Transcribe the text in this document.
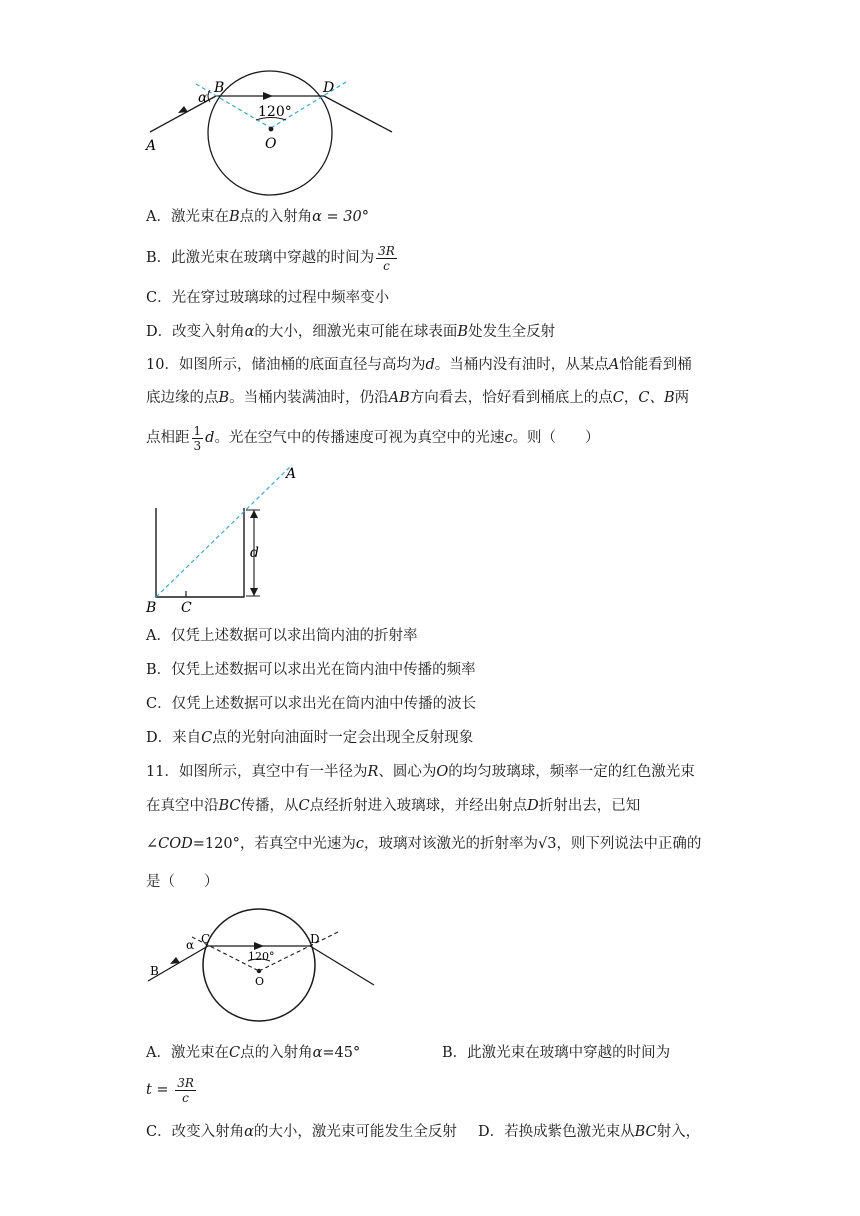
B	D
α
120°
O
A
A．激光束在B点的入射角α = 30°
B．此激光束在玻璃中穿越的时间为 $\frac{3R}{c}$
C．光在穿过玻璃球的过程中频率变小
D．改变入射角α的大小，细激光束可能在球表面B处发生全反射
10．如图所示，储油桶的底面直径与高均为d。当桶内没有油时，从某点A恰能看到桶
底边缘的点B。当桶内装满油时，仍沿AB方向看去，恰好看到桶底上的点C，C、B两
点相距 $\frac{1}{3}$ d。光在空气中的传播速度可视为真空中的光速c。则（　　）
A
B C
d
A．仅凭上述数据可以求出筒内油的折射率
B．仅凭上述数据可以求出光在筒内油中传播的频率
C．仅凭上述数据可以求出光在筒内油中传播的波长
D．来自C点的光射向油面时一定会出现全反射现象
11．如图所示，真空中有一半径为R、圆心为O的均匀玻璃球，频率一定的红色激光束
在真空中沿BC传播，从C点经折射进入玻璃球，并经出射点D折射出去，已知
∠COD=120°，若真空中光速为c，玻璃对该激光的折射率为√3，则下列说法中正确的
是（　　）
C	D
α
120°
O
B
A．激光束在C点的入射角α=45°	B．此激光束在玻璃中穿越的时间为
$t = \frac{3R}{c}$
C．改变入射角α的大小，激光束可能发生全反射 D．若换成紫色激光束从BC射入，
